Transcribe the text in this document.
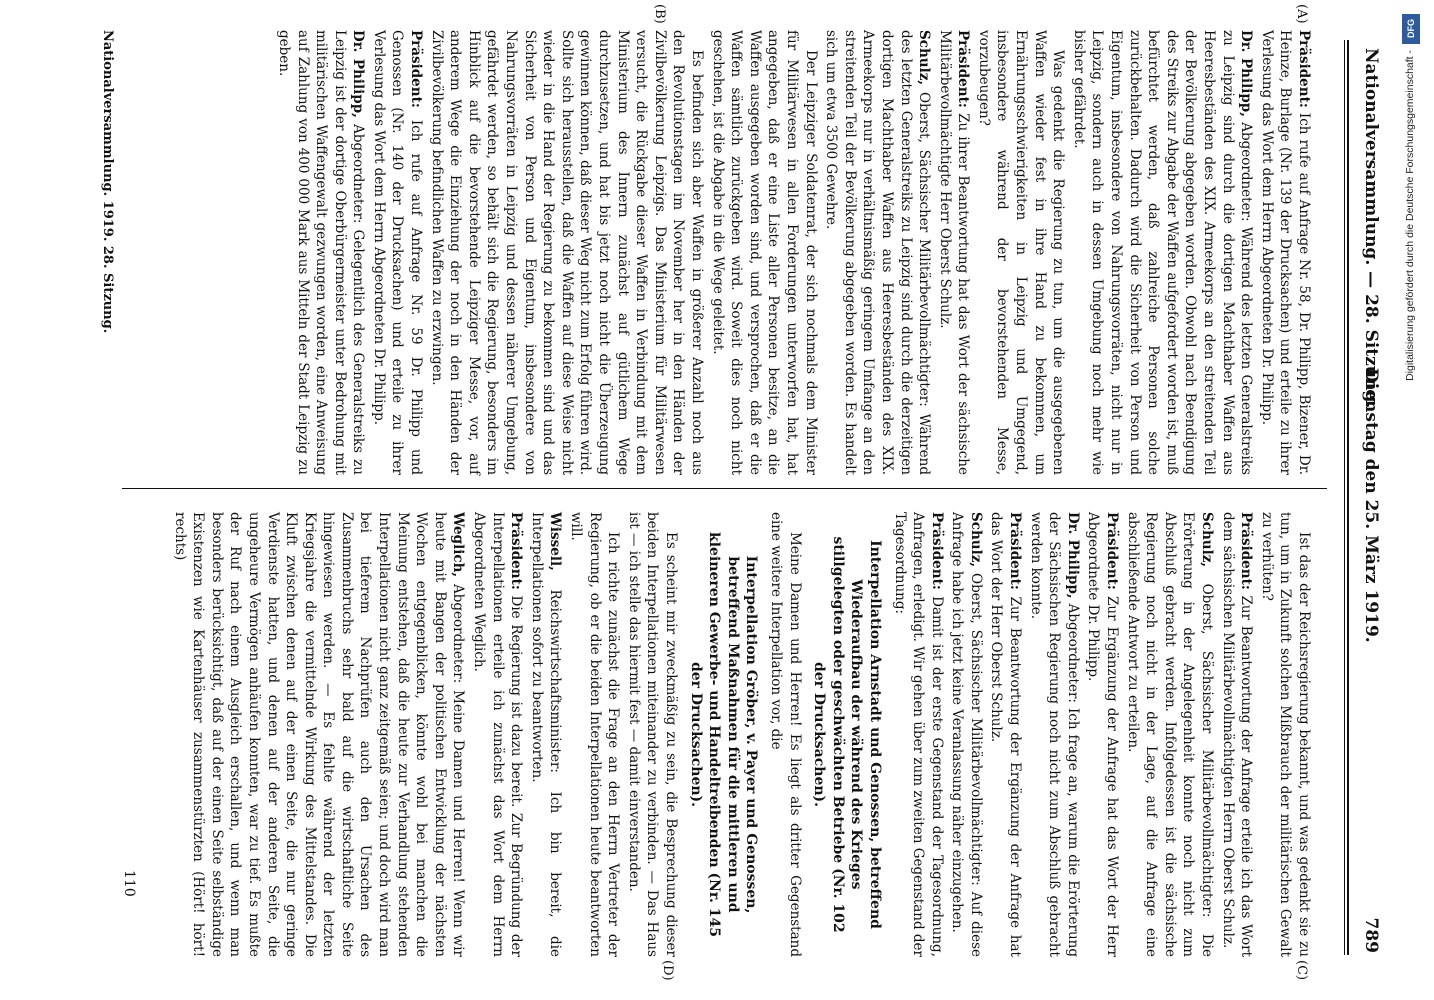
Nationalversammlung. — 28. Sitzung.
Dienstag den 25. März 1919.
789
(A)
(B)
(C)
(D)

Präsident: Ich rufe auf Anfrage Nr. 58, Dr. Philipp, Bizener, Dr. Heinze, Burlage (Nr. 139 der Drucksachen) und erteile zu ihrer Verlesung das Wort dem Herrn Abgeordneten Dr. Philipp.

Dr. Philipp, Abgeordneter: Während des letzten Generalstreiks zu Leipzig sind durch die dortigen Machthaber Waffen aus Heeresbeständen des XIX. Armeekorps an den streitenden Teil der Bevölkerung abgegeben worden. Obwohl nach Beendigung des Streiks zur Abgabe der Waffen aufgefordert worden ist, muß befürchtet werden, daß zahlreiche Personen solche zurückbehalten. Dadurch wird die Sicherheit von Person und Eigentum, insbesondere von Nahrungsvorräten, nicht nur in Leipzig, sondern auch in dessen Umgebung noch mehr wie bisher gefährdet.

Was gedenkt die Regierung zu tun, um die ausgegebenen Waffen wieder fest in ihre Hand zu bekommen, um Ernährungsschwierigkeiten in Leipzig und Umgegend, insbesondere während der bevorstehenden Messe, vorzubeugen?

Präsident: Zu ihrer Beantwortung hat das Wort der sächsische Militärbevollmächtigte Herr Oberst Schulz.

Schulz, Oberst, Sächsischer Militärbevollmächtigter: Während des letzten Generalstreiks zu Leipzig sind durch die derzeitigen dortigen Machthaber Waffen aus Heeresbeständen des XIX. Armeekorps nur in verhältnismäßig geringem Umfange an den streitenden Teil der Bevölkerung abgegeben worden. Es handelt sich um etwa 3500 Gewehre.

Der Leipziger Soldatenrat, der sich nochmals dem Minister für Militärwesen in allen Forderungen unterworfen hat, hat angegeben, daß er eine Liste aller Personen besitze, an die Waffen ausgegeben worden sind, und versprochen, daß er die Waffen sämtlich zurückgeben wird. Soweit dies noch nicht geschehen, ist die Abgabe in die Wege geleitet.

Es befinden sich aber Waffen in größerer Anzahl noch aus den Revolutionstagen im November her in den Händen der Zivilbevölkerung Leipzigs. Das Ministerium für Militärwesen versucht, die Rückgabe dieser Waffen in Verbindung mit dem Ministerium des Innern zunächst auf gütlichem Wege durchzusetzen, und hat bis jetzt noch nicht die Überzeugung gewinnen können, daß dieser Weg nicht zum Erfolg führen wird. Sollte sich herausstellen, daß die Waffen auf diese Weise nicht wieder in die Hand der Regierung zu bekommen sind und das Sicherheit von Person und Eigentum, insbesondere von Nahrungsvorräten in Leipzig und dessen näherer Umgebung, gefährdet werden, so behält sich die Regierung, besonders im Hinblick auf die bevorstehende Leipziger Messe, vor, auf anderem Wege die Einziehung der noch in den Händen der Zivilbevölkerung befindlichen Waffen zu erzwingen.

Präsident: Ich rufe auf Anfrage Nr. 59 Dr. Philipp und Genossen (Nr. 140 der Drucksachen) und erteile zu ihrer Verlesung das Wort dem Herrn Abgeordneten Dr. Philipp.

Dr. Philipp, Abgeordneter: Gelegentlich des Generalstreiks zu Leipzig ist der dortige Oberbürgermeister unter Bedrohung mit militärischen Waffengewalt gezwungen worden, eine Anweisung auf Zahlung von 400 000 Mark aus Mitteln der Stadt Leipzig zu geben.

Ist das der Reichsregierung bekannt, und was gedenkt sie zu tun, um in Zukunft solchen Mißbrauch der militärischen Gewalt zu verhüten?

Präsident: Zur Beantwortung der Anfrage erteile ich das Wort dem sächsischen Militärbevollmächtigten Herrn Oberst Schulz.

Schulz, Oberst, Sächsischer Militärbevollmächtigter: Die Erörterung in der Angelegenheit konnte noch nicht zum Abschluß gebracht werden. Infolgedessen ist die sächsische Regierung noch nicht in der Lage, auf die Anfrage eine abschließende Antwort zu erteilen.

Präsident: Zur Ergänzung der Anfrage hat das Wort der Herr Abgeordnete Dr. Philipp.

Dr. Philipp, Abgeordneter: Ich frage an, warum die Erörterung der Sächsischen Regierung noch nicht zum Abschluß gebracht werden konnte.

Präsident: Zur Beantwortung der Ergänzung der Anfrage hat das Wort der Herr Oberst Schulz.

Schulz, Oberst, Sächsischer Militärbevollmächtigter: Auf diese Anfrage habe ich jetzt keine Veranlassung näher einzugehen.

Präsident: Damit ist der erste Gegenstand der Tagesordnung, Anfragen, erledigt. Wir gehen über zum zweiten Gegenstand der Tagesordnung:

Interpellation Arnstadt und Genossen, betreffend Wiederaufbau der während des Krieges stillgelegten oder geschwächten Betriebe (Nr. 102 der Drucksachen).

Meine Damen und Herren! Es liegt als dritter Gegenstand eine weitere Interpellation vor, die

Interpellation Gröber, v. Payer und Genossen, betreffend Maßnahmen für die mittleren und kleineren Gewerbe- und Handeltreibenden (Nr. 145 der Drucksachen).

Es scheint mir zweckmäßig zu sein, die Besprechung dieser beiden Interpellationen miteinander zu verbinden. — Das Haus ist — ich stelle das hiermit fest — damit einverstanden.

Ich richte zunächst die Frage an den Herrn Vertreter der Regierung, ob er die beiden Interpellationen heute beantworten will.

Wissell, Reichswirtschaftsminister: Ich bin bereit, die Interpellationen sofort zu beantworten.

Präsident: Die Regierung ist dazu bereit. Zur Begründung der Interpellationen erteile ich zunächst das Wort dem Herrn Abgeordneten Weglich.

Weglich, Abgeordneter: Meine Damen und Herren! Wenn wir heute mit Bangen der politischen Entwicklung der nächsten Wochen entgegenblicken, könnte wohl bei manchen die Meinung entstehen, daß die heute zur Verhandlung stehenden Interpellationen nicht ganz zeitgemäß seien; und doch wird man bei tieferem Nachprüfen auch den Ursachen des Zusammenbruchs sehr bald auf die wirtschaftliche Seite hingewiesen werden. — Es fehlte während der letzten Kriegsjahre die vermittelnde Wirkung des Mittelstandes. Die Kluft zwischen denen auf der einen Seite, die nur geringe Verdienste hatten, und denen auf der anderen Seite, die ungeheure Vermögen anhäufen konnten, war zu tief. Es mußte der Ruf nach einem Ausgleich erschallen, und wenn man besonders berücksichtigt, daß auf der einen Seite selbständige Existenzen wie Kartenhäuser zusammenstürzten (Hört! hört! rechts)

Nationalversammlung. 1919. 28. Sitzung.
110
DFG
Digitalisierung gefördert durch die Deutsche Forschungsgemeinschaft -
